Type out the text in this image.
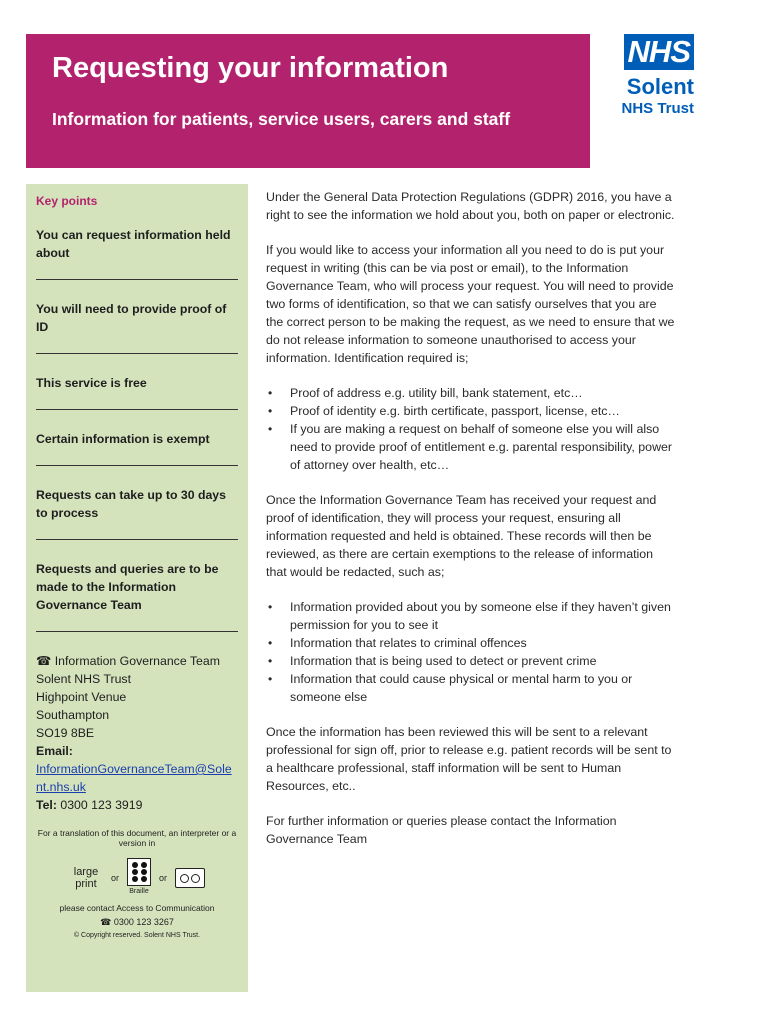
Requesting your information
Information for patients, service users, carers and staff
NHS
Solent
NHS Trust
Key points
You can request information held about
You will need to provide proof of ID
This service is free
Certain information is exempt
Requests can take up to 30 days to process
Requests and queries are to be made to the Information Governance Team
☎ Information Governance Team
Solent NHS Trust
Highpoint Venue
Southampton
SO19 8BE
Email:
InformationGovernanceTeam@Solent.nhs.uk
Tel: 0300 123 3919
For a translation of this document, an interpreter or a version in
large print	or
Braille
or
please contact Access to Communication
☎ 0300 123 3267
© Copyright reserved. Solent NHS Trust.

Under the General Data Protection Regulations (GDPR) 2016, you have a right to see the information we hold about you, both on paper or electronic.

If you would like to access your information all you need to do is put your request in writing (this can be via post or email), to the Information Governance Team, who will process your request. You will need to provide two forms of identification, so that we can satisfy ourselves that you are the correct person to be making the request, as we need to ensure that we do not release information to someone unauthorised to access your information. Identification required is;

• Proof of address e.g. utility bill, bank statement, etc…
• Proof of identity e.g. birth certificate, passport, license, etc…
• If you are making a request on behalf of someone else you will also need to provide proof of entitlement e.g. parental responsibility, power of attorney over health, etc…

Once the Information Governance Team has received your request and proof of identification, they will process your request, ensuring all information requested and held is obtained. These records will then be reviewed, as there are certain exemptions to the release of information that would be redacted, such as;

• Information provided about you by someone else if they haven’t given permission for you to see it
• Information that relates to criminal offences
• Information that is being used to detect or prevent crime
• Information that could cause physical or mental harm to you or someone else

Once the information has been reviewed this will be sent to a relevant professional for sign off, prior to release e.g. patient records will be sent to a healthcare professional, staff information will be sent to Human Resources, etc..

For further information or queries please contact the Information Governance Team
